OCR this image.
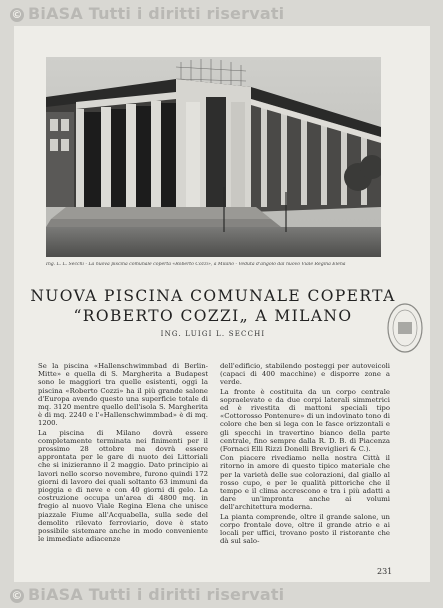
© BiASA Tutti i diritti riservati
Ing. L. L. Secchi - La nuova piscina comunale coperta «Roberto Cozzi», a Milano - Veduta d'angolo dal nuovo Viale Regina Elena
NUOVA PISCINA COMUNALE COPERTA
“ROBERTO COZZI„ A MILANO
ING. LUIGI L. SECCHI

Se la piscina «Hallenschwimmbad di Berlin-Mitte» e quella di S. Margherita a Budapest sono le maggiori tra quelle esistenti, oggi la piscina «Roberto Cozzi» ha il più grande salone d'Europa avendo questo una superficie totale di mq. 3120 mentre quello dell'isola S. Margherita è di mq. 2240 e l'«Hallenschwimmbad» è di mq. 1200.

La piscina di Milano dovrà essere completamente terminata nei finimenti per il prossimo 28 ottobre ma dovrà essere approntata per le gare di nuoto dei Littoriali che si inizieranno il 2 maggio. Dato principio ai lavori nello scorso novembre, furono quindi 172 giorni di lavoro dei quali soltanto 63 immuni da pioggia e di neve e con 40 giorni di gelo. La costruzione occupa un'area di 4800 mq. in fregio al nuovo Viale Regina Elena che unisce piazzale Fiume all'Acquabella, sulla sede del demolito rilevato ferroviario, dove è stato possibile sistemare anche in modo conveniente le immediate adiacenze

dell'edificio, stabilendo posteggi per autoveicoli (capaci di 400 macchine) e disporre zone a verde.

La fronte è costituita da un corpo centrale sopraelevato e da due corpi laterali simmetrici ed è rivestita di mattoni speciali tipo «Cottorosso Pontenure» di un indovinato tono di colore che ben si lega con le fasce orizzontali e gli specchi in travertino bianco della parte centrale, fino sempre dalla R. D. B. di Piacenza (Fornaci Elli Rizzi Donelli Breviglieri & C.).

Con piacere rivediamo nella nostra Città il ritorno in amore di questo tipico materiale che per la varietà delle sue colorazioni, dal giallo al rosso cupo, e per le qualità pittoriche che il tempo e il clima accrescono e tra i più adatti a dare un'impronta anche ai volumi dell'architettura moderna.

La pianta comprende, oltre il grande salone, un corpo frontale dove, oltre il grande atrio e ai locali per uffici, trovano posto il ristorante che dà sul salo-

231
© BiASA Tutti i diritti riservati
